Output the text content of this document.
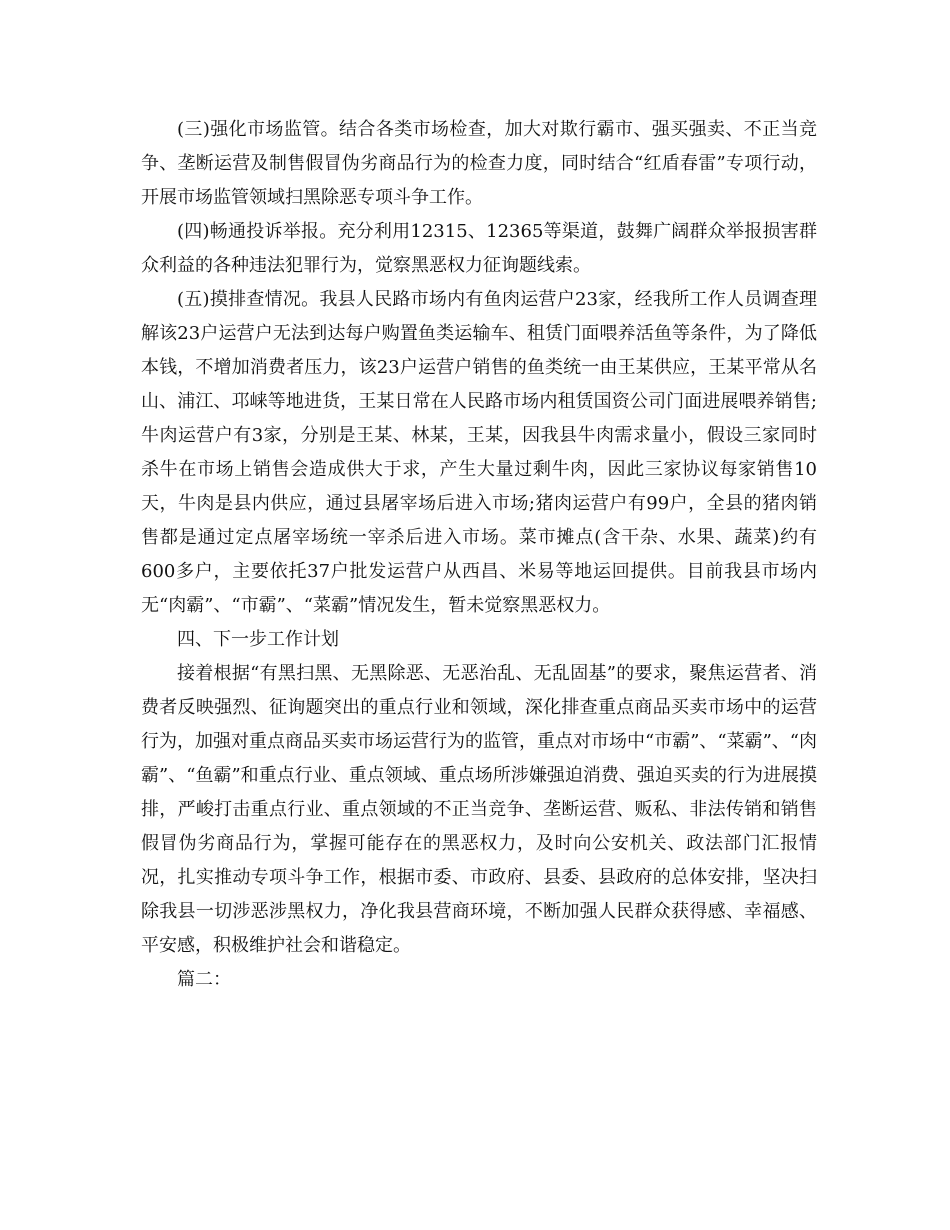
(三)强化市场监管。结合各类市场检查，加大对欺行霸市、强买强卖、不正当竞争、垄断运营及制售假冒伪劣商品行为的检查力度，同时结合“红盾春雷”专项行动，开展市场监管领域扫黑除恶专项斗争工作。

(四)畅通投诉举报。充分利用12315、12365等渠道，鼓舞广阔群众举报损害群众利益的各种违法犯罪行为，觉察黑恶权力征询题线索。

(五)摸排查情况。我县人民路市场内有鱼肉运营户23家，经我所工作人员调查理解该23户运营户无法到达每户购置鱼类运输车、租赁门面喂养活鱼等条件，为了降低本钱，不增加消费者压力，该23户运营户销售的鱼类统一由王某供应，王某平常从名山、浦江、邛崃等地进货，王某日常在人民路市场内租赁国资公司门面进展喂养销售;牛肉运营户有3家，分别是王某、林某，王某，因我县牛肉需求量小，假设三家同时杀牛在市场上销售会造成供大于求，产生大量过剩牛肉，因此三家协议每家销售10天，牛肉是县内供应，通过县屠宰场后进入市场;猪肉运营户有99户，全县的猪肉销售都是通过定点屠宰场统一宰杀后进入市场。菜市摊点(含干杂、水果、蔬菜)约有600多户，主要依托37户批发运营户从西昌、米易等地运回提供。目前我县市场内无“肉霸”、“市霸”、“菜霸”情况发生，暂未觉察黑恶权力。

四、下一步工作计划

接着根据“有黑扫黑、无黑除恶、无恶治乱、无乱固基”的要求，聚焦运营者、消费者反映强烈、征询题突出的重点行业和领域，深化排查重点商品买卖市场中的运营行为，加强对重点商品买卖市场运营行为的监管，重点对市场中“市霸”、“菜霸”、“肉霸”、“鱼霸”和重点行业、重点领域、重点场所涉嫌强迫消费、强迫买卖的行为进展摸排，严峻打击重点行业、重点领域的不正当竞争、垄断运营、贩私、非法传销和销售假冒伪劣商品行为，掌握可能存在的黑恶权力，及时向公安机关、政法部门汇报情况，扎实推动专项斗争工作，根据市委、市政府、县委、县政府的总体安排，坚决扫除我县一切涉恶涉黑权力，净化我县营商环境，不断加强人民群众获得感、幸福感、平安感，积极维护社会和谐稳定。

篇二：
